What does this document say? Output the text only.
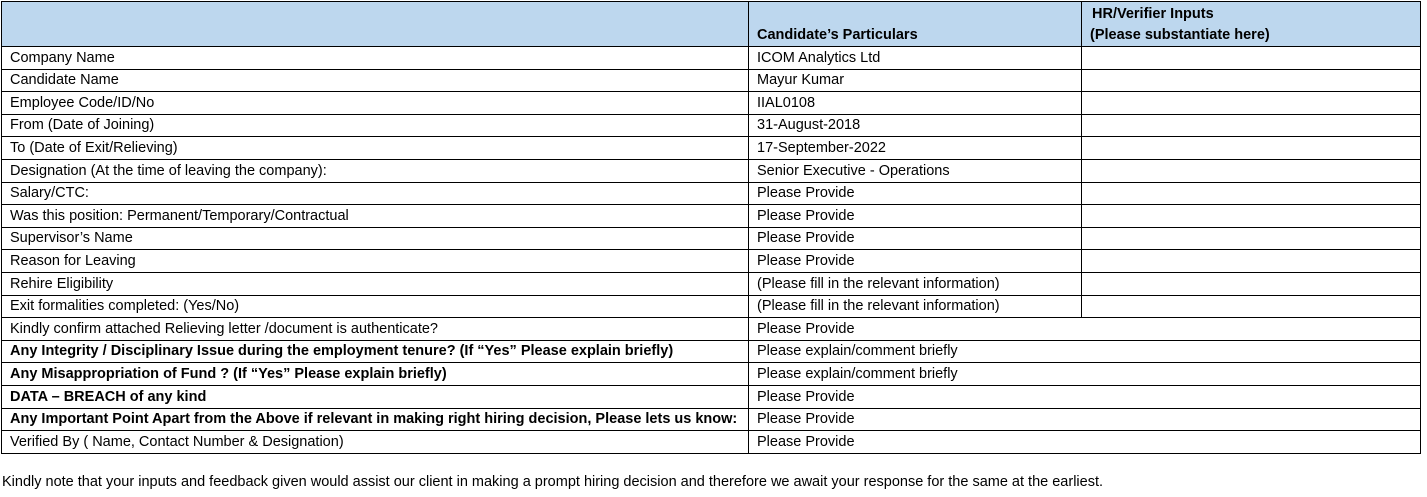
	Candidate’s Particulars	HR/Verifier Inputs
(Please substantiate here)

Company Name	ICOM Analytics Ltd	
Candidate Name	Mayur Kumar	
Employee Code/ID/No	IIAL0108	
From (Date of Joining)	31-August-2018	
To (Date of Exit/Relieving)	17-September-2022	
Designation (At the time of leaving the company):	Senior Executive - Operations	
Salary/CTC:	Please Provide	
Was this position: Permanent/Temporary/Contractual	Please Provide	
Supervisor’s Name	Please Provide	
Reason for Leaving	Please Provide	
Rehire Eligibility	(Please fill in the relevant information)	
Exit formalities completed: (Yes/No)	(Please fill in the relevant information)	
Kindly confirm attached Relieving letter /document is authenticate?	Please Provide	
Any Integrity / Disciplinary Issue during the employment tenure? (If “Yes” Please explain briefly)	Please explain/comment briefly	
Any Misappropriation of Fund ? (If “Yes” Please explain briefly)	Please explain/comment briefly	
DATA – BREACH of any kind	Please Provide	
Any Important Point Apart from the Above if relevant in making right hiring decision, Please lets us know:	Please Provide	
Verified By ( Name, Contact Number & Designation)	Please Provide	
Kindly note that your inputs and feedback given would assist our client in making a prompt hiring decision and therefore we await your response for the same at the earliest.
